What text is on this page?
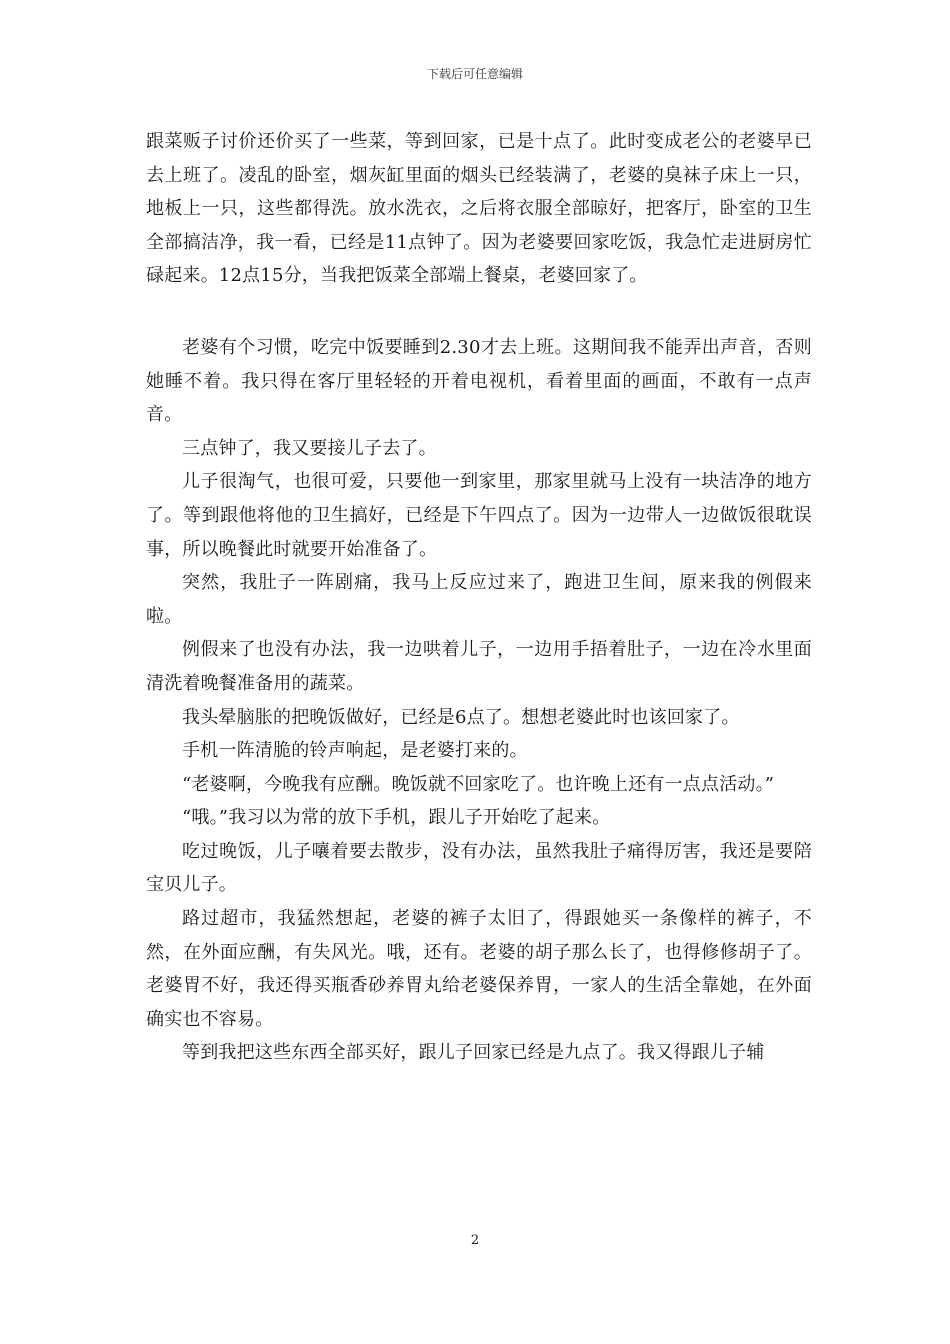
下载后可任意编辑

跟菜贩子讨价还价买了一些菜，等到回家，已是十点了。此时变成老公的老婆早已去上班了。凌乱的卧室，烟灰缸里面的烟头已经装满了，老婆的臭袜子床上一只，地板上一只，这些都得洗。放水洗衣，之后将衣服全部晾好，把客厅，卧室的卫生全部搞洁净，我一看，已经是11点钟了。因为老婆要回家吃饭，我急忙走进厨房忙碌起来。12点15分，当我把饭菜全部端上餐桌，老婆回家了。

老婆有个习惯，吃完中饭要睡到2.30才去上班。这期间我不能弄出声音，否则她睡不着。我只得在客厅里轻轻的开着电视机，看着里面的画面，不敢有一点声音。

三点钟了，我又要接儿子去了。

儿子很淘气，也很可爱，只要他一到家里，那家里就马上没有一块洁净的地方了。等到跟他将他的卫生搞好，已经是下午四点了。因为一边带人一边做饭很耽误事，所以晚餐此时就要开始准备了。

突然，我肚子一阵剧痛，我马上反应过来了，跑进卫生间，原来我的例假来啦。

例假来了也没有办法，我一边哄着儿子，一边用手捂着肚子，一边在冷水里面清洗着晚餐准备用的蔬菜。

我头晕脑胀的把晚饭做好，已经是6点了。想想老婆此时也该回家了。

手机一阵清脆的铃声响起，是老婆打来的。

“老婆啊，今晚我有应酬。晚饭就不回家吃了。也许晚上还有一点点活动。”

“哦。”我习以为常的放下手机，跟儿子开始吃了起来。

吃过晚饭，儿子嚷着要去散步，没有办法，虽然我肚子痛得厉害，我还是要陪宝贝儿子。

路过超市，我猛然想起，老婆的裤子太旧了，得跟她买一条像样的裤子，不然，在外面应酬，有失风光。哦，还有。老婆的胡子那么长了，也得修修胡子了。老婆胃不好，我还得买瓶香砂养胃丸给老婆保养胃，一家人的生活全靠她，在外面确实也不容易。

等到我把这些东西全部买好，跟儿子回家已经是九点了。我又得跟儿子辅

2
